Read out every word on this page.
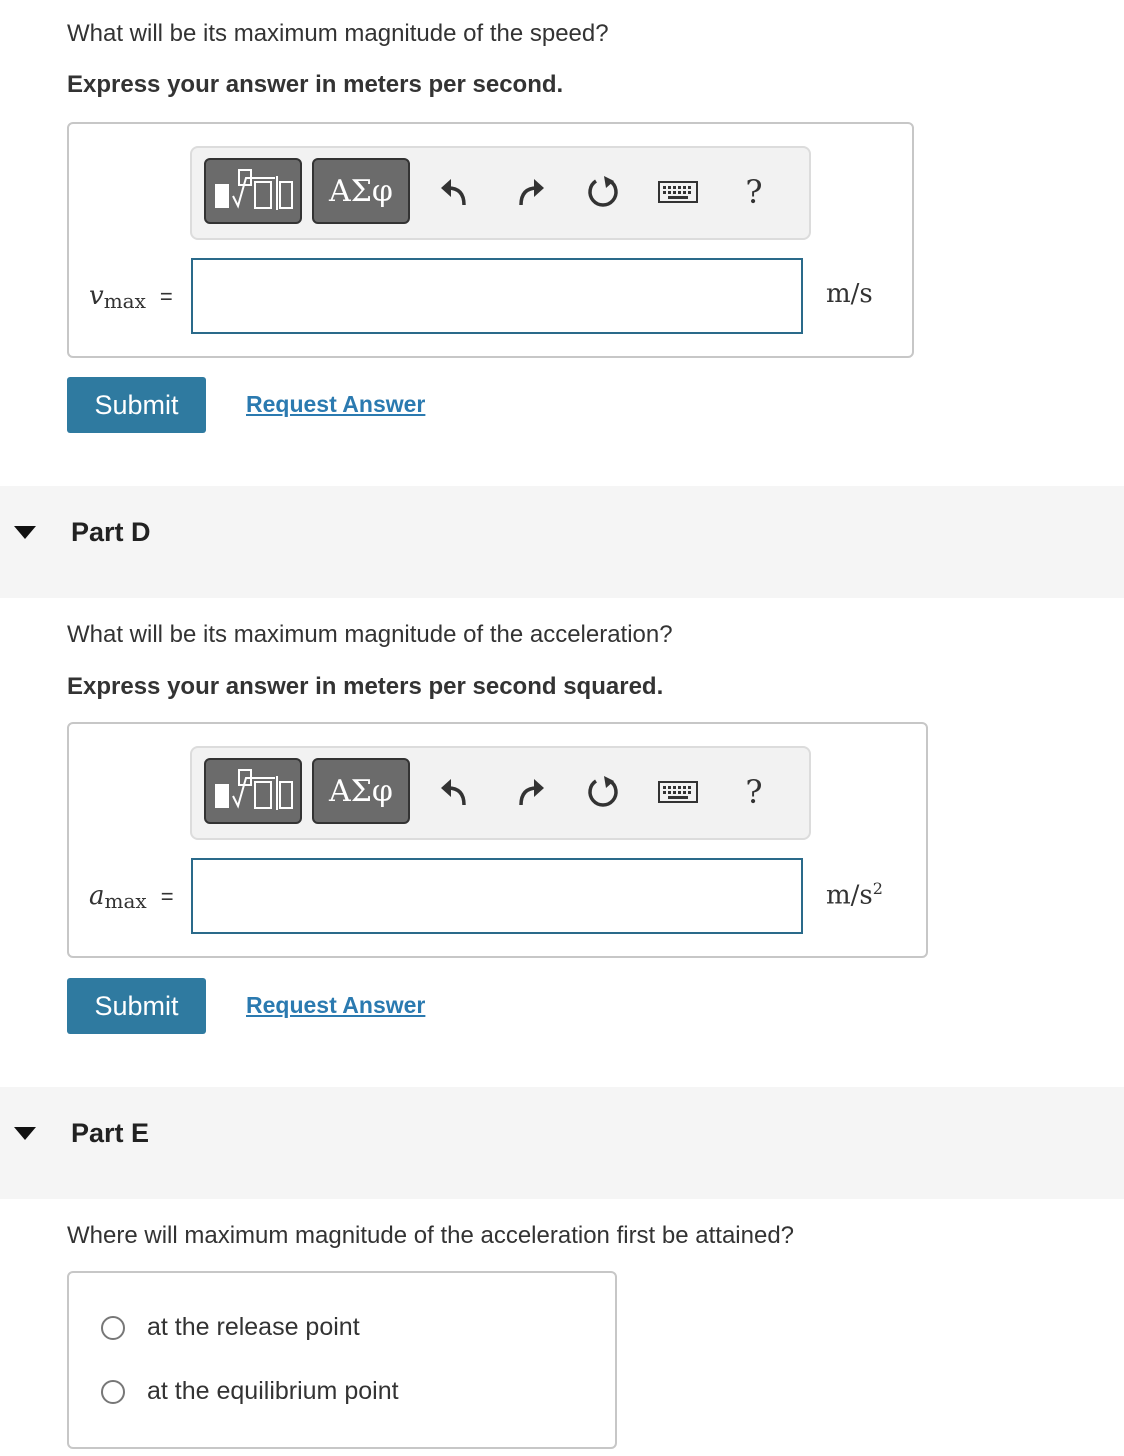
What will be its maximum magnitude of the speed?

Express your answer in meters per second.

ΑΣφ	?
vmax =	m/s
Submit	Request Answer
Part D

What will be its maximum magnitude of the acceleration?

Express your answer in meters per second squared.

ΑΣφ	?
amax =	$m/s^2$
Submit	Request Answer
Part E

Where will maximum magnitude of the acceleration first be attained?

at the release point
at the equilibrium point
